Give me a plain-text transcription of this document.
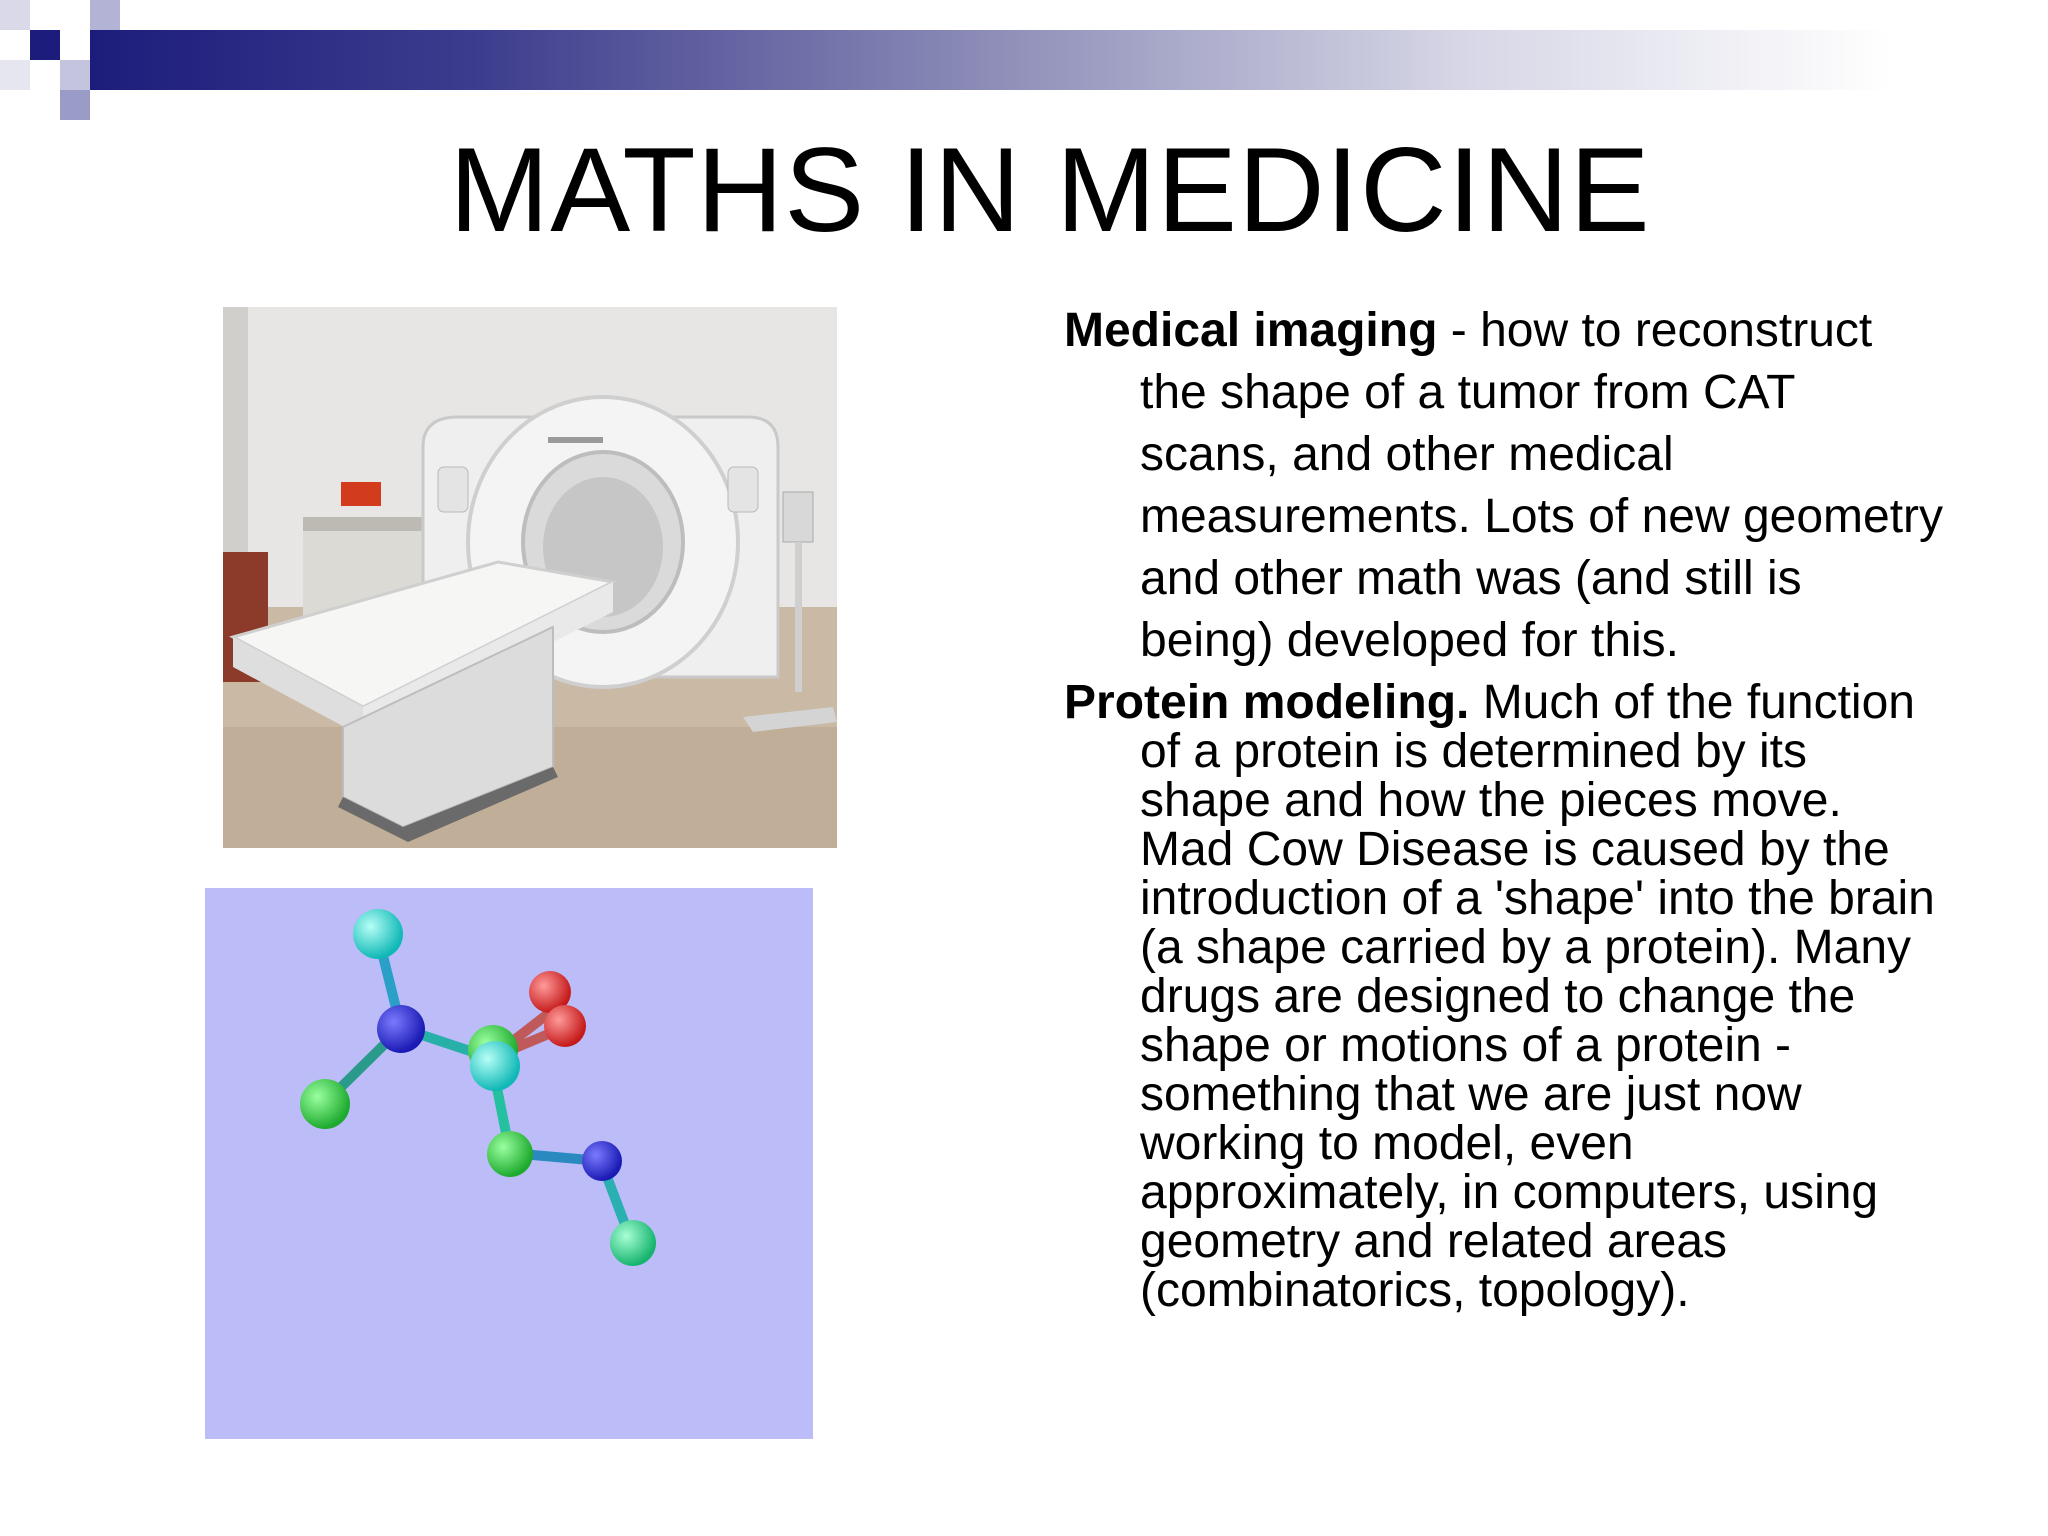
MATHS IN MEDICINE

Medical imaging - how to reconstruct the shape of a tumor from CAT scans, and other medical measurements. Lots of new geometry and other math was (and still is being) developed for this.

Protein modeling. Much of the function of a protein is determined by its shape and how the pieces move. Mad Cow Disease is caused by the introduction of a 'shape' into the brain (a shape carried by a protein). Many drugs are designed to change the shape or motions of a protein - something that we are just now working to model, even approximately, in computers, using geometry and related areas (combinatorics, topology).
